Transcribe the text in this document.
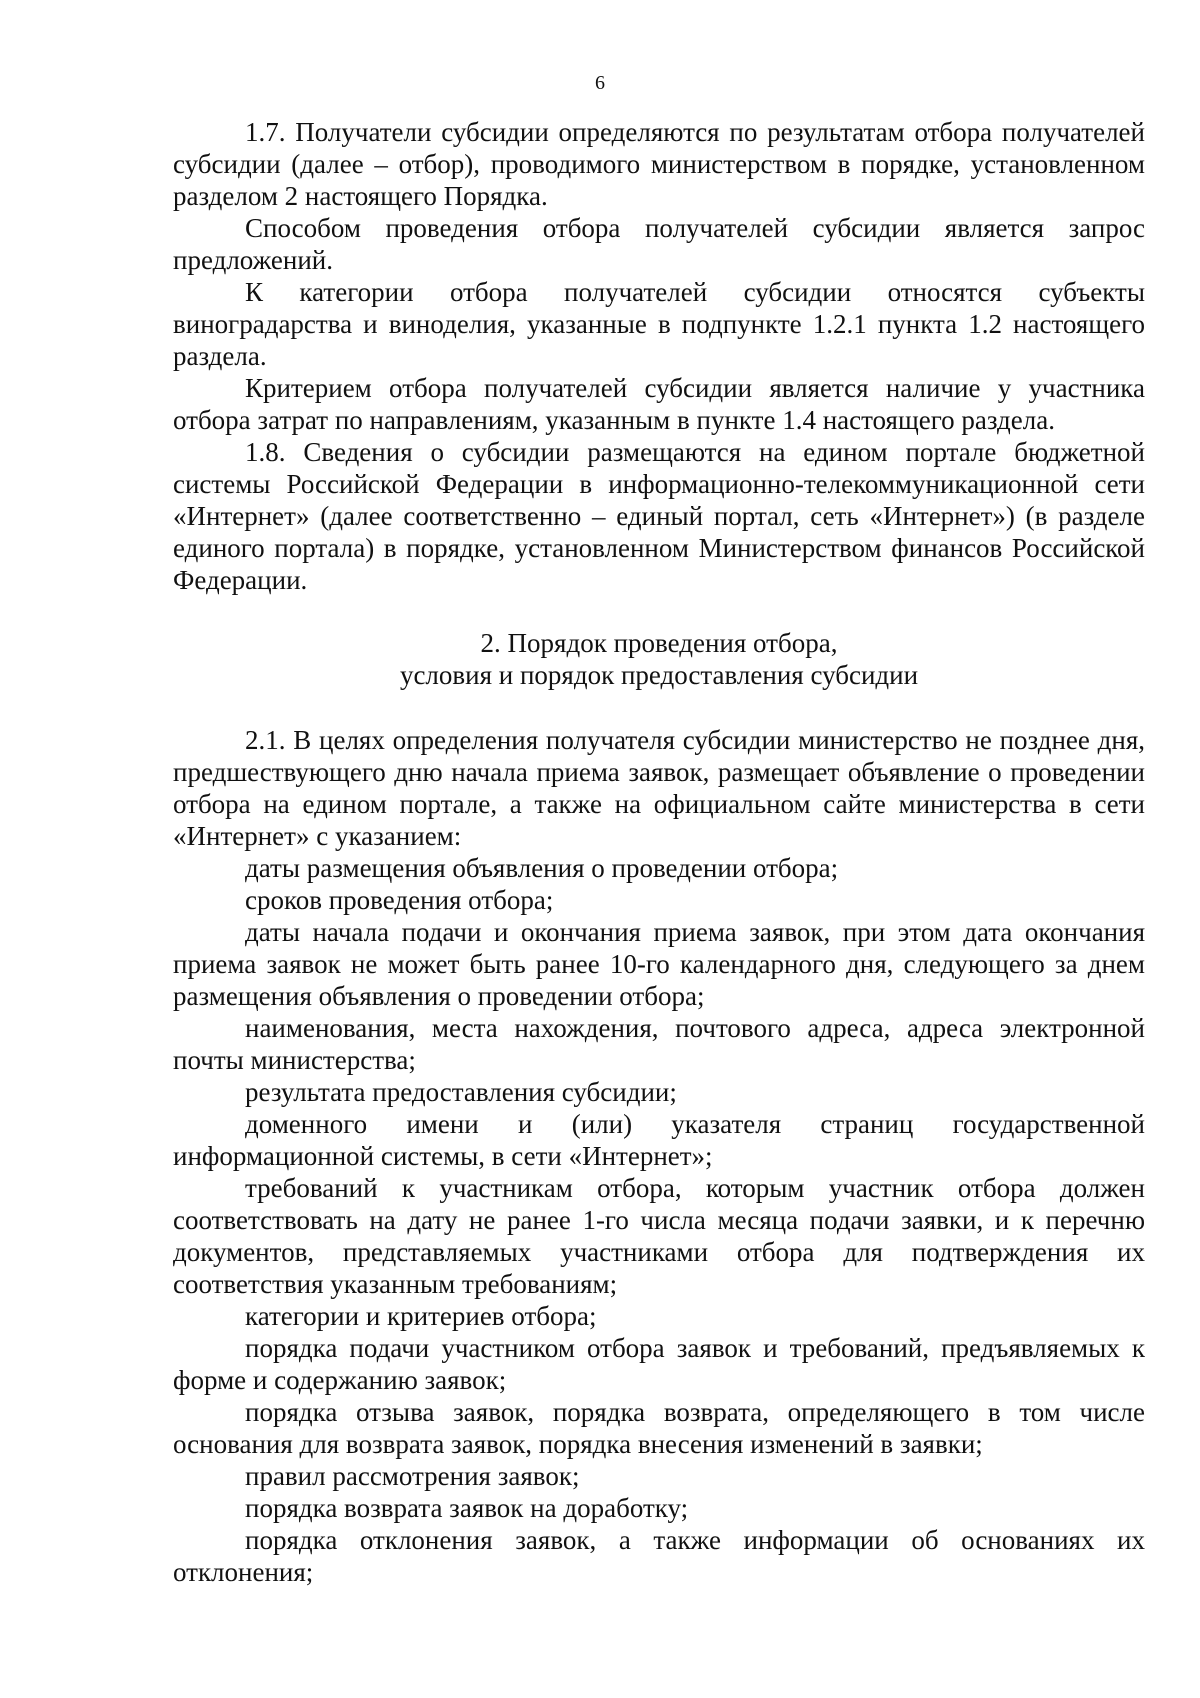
6

1.7. Получатели субсидии определяются по результатам отбора получателей субсидии (далее – отбор), проводимого министерством в порядке, установленном разделом 2 настоящего Порядка.

Способом проведения отбора получателей субсидии является запрос предложений.

К категории отбора получателей субсидии относятся субъекты виноградарства и виноделия, указанные в подпункте 1.2.1 пункта 1.2 настоящего раздела.

Критерием отбора получателей субсидии является наличие у участника отбора затрат по направлениям, указанным в пункте 1.4 настоящего раздела.

1.8. Сведения о субсидии размещаются на едином портале бюджетной системы Российской Федерации в информационно-телекоммуникационной сети «Интернет» (далее соответственно – единый портал, сеть «Интернет») (в разделе единого портала) в порядке, установленном Министерством финансов Российской Федерации.

2. Порядок проведения отбора,
условия и порядок предоставления субсидии

2.1. В целях определения получателя субсидии министерство не позднее дня, предшествующего дню начала приема заявок, размещает объявление о проведении отбора на едином портале, а также на официальном сайте министерства в сети «Интернет» с указанием:

даты размещения объявления о проведении отбора;

сроков проведения отбора;

даты начала подачи и окончания приема заявок, при этом дата окончания приема заявок не может быть ранее 10-го календарного дня, следующего за днем размещения объявления о проведении отбора;

наименования, места нахождения, почтового адреса, адреса электронной почты министерства;

результата предоставления субсидии;

доменного имени и (или) указателя страниц государственной информационной системы, в сети «Интернет»;

требований к участникам отбора, которым участник отбора должен соответствовать на дату не ранее 1-го числа месяца подачи заявки, и к перечню документов, представляемых участниками отбора для подтверждения их соответствия указанным требованиям;

категории и критериев отбора;

порядка подачи участником отбора заявок и требований, предъявляемых к форме и содержанию заявок;

порядка отзыва заявок, порядка возврата, определяющего в том числе основания для возврата заявок, порядка внесения изменений в заявки;

правил рассмотрения заявок;

порядка возврата заявок на доработку;

порядка отклонения заявок, а также информации об основаниях их отклонения;
